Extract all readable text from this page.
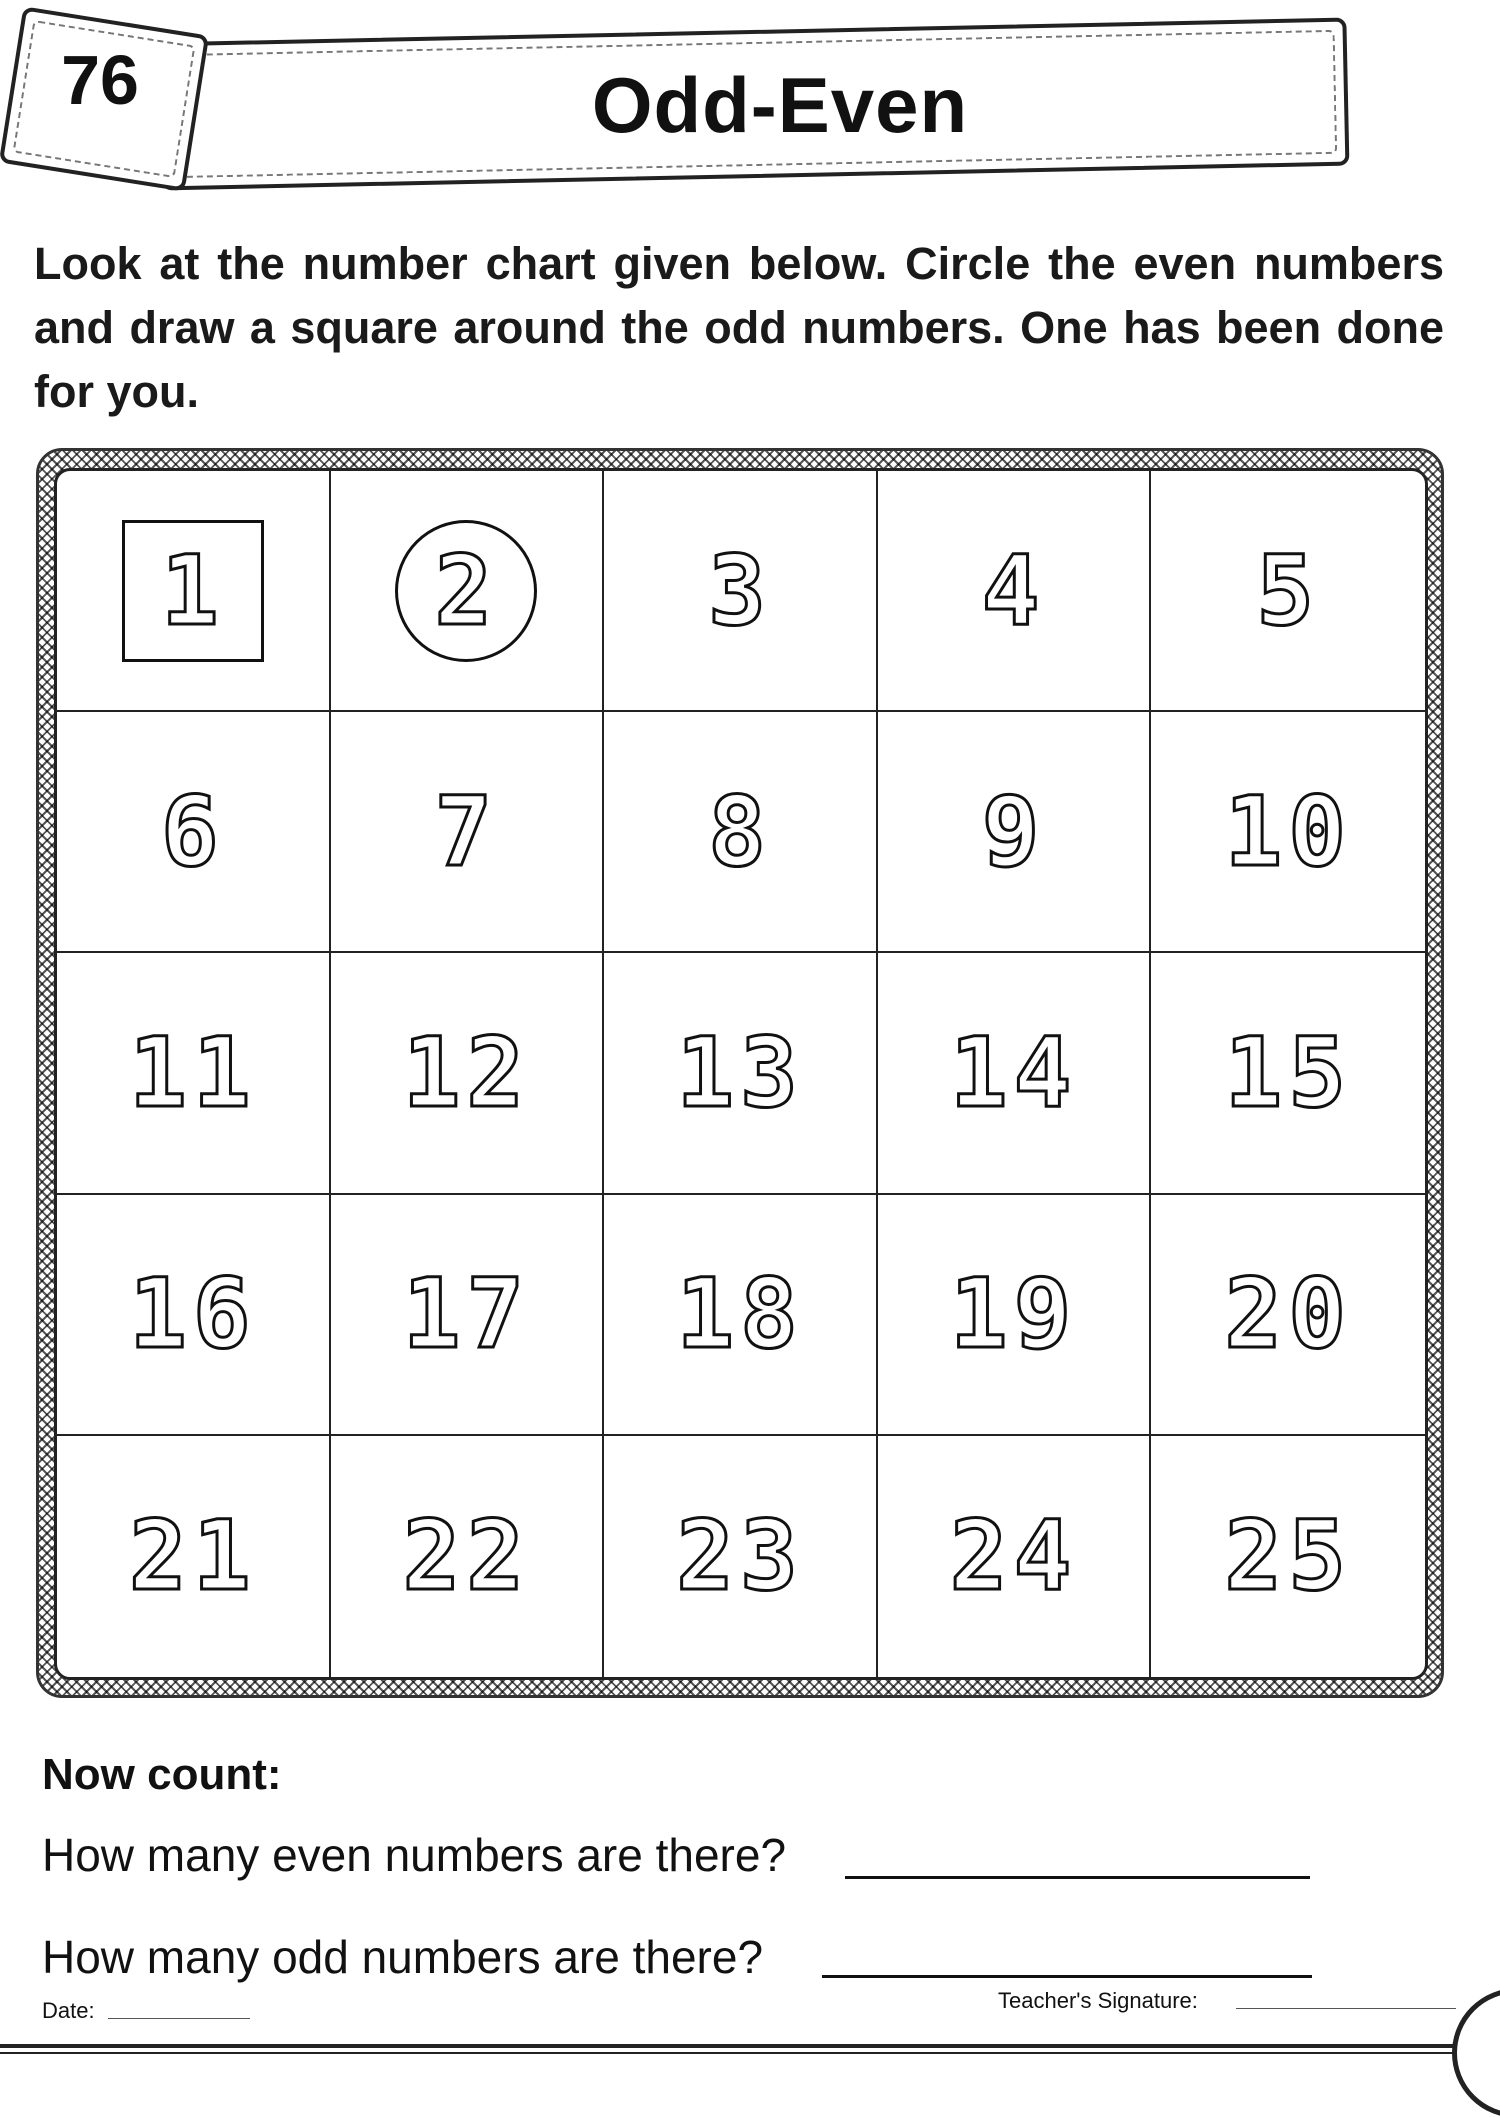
Odd-Even
76
Look at the number chart given below. Circle the even numbers and draw a square around the odd numbers. One has been done for you.
1 2 3 4 5
6 7 8 9 10
11 12 13 14 15
16 17 18 19 20
21 22 23 24 25
Now count:
How many even numbers are there?
How many odd numbers are there?
Date:	Teacher's Signature:
